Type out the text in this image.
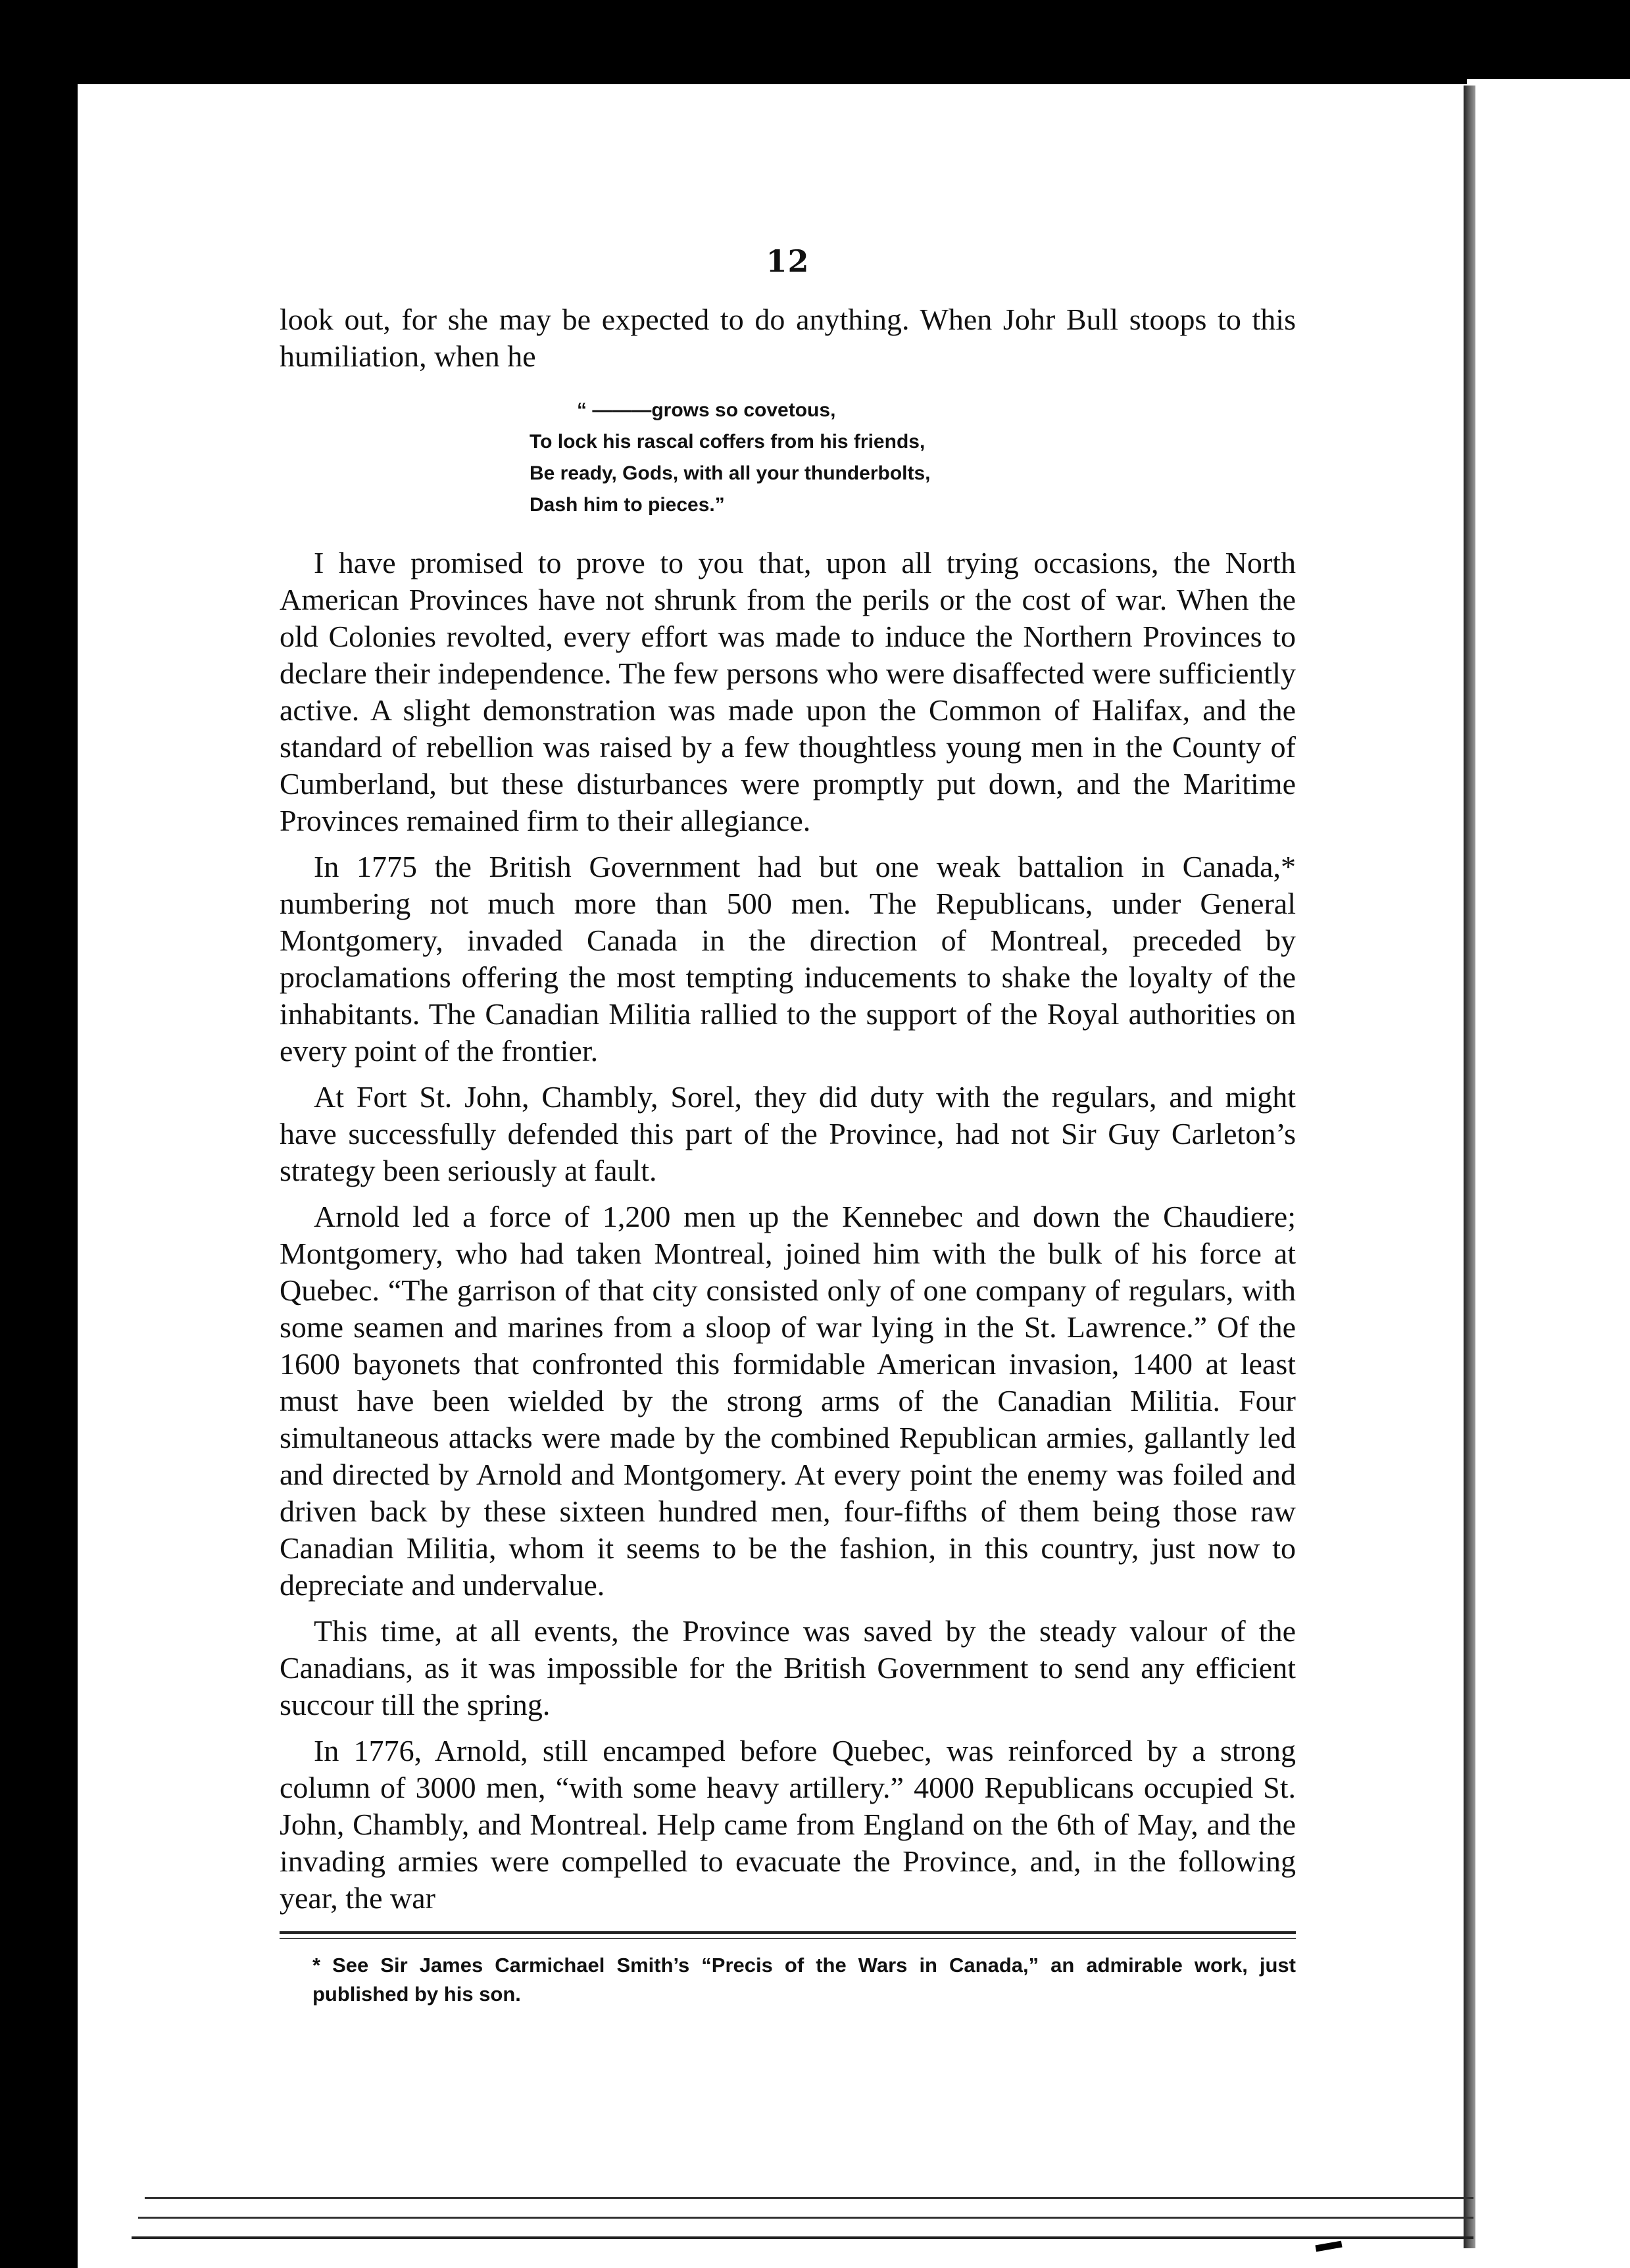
12

look out, for she may be expected to do anything. When Johr Bull stoops to this humiliation, when he

“ ———grows so covetous,
To lock his rascal coffers from his friends,
Be ready, Gods, with all your thunderbolts,
Dash him to pieces.”

I have promised to prove to you that, upon all trying occasions, the North American Provinces have not shrunk from the perils or the cost of war. When the old Colonies revolted, every effort was made to induce the Northern Provinces to declare their independence. The few persons who were disaffected were sufficiently active. A slight demonstration was made upon the Common of Halifax, and the standard of rebellion was raised by a few thoughtless young men in the County of Cumberland, but these disturbances were promptly put down, and the Maritime Provinces remained firm to their allegiance.

In 1775 the British Government had but one weak battalion in Canada,* numbering not much more than 500 men. The Republicans, under General Montgomery, invaded Canada in the direction of Montreal, preceded by proclamations offering the most tempting inducements to shake the loyalty of the inhabitants. The Canadian Militia rallied to the support of the Royal authorities on every point of the frontier.

At Fort St. John, Chambly, Sorel, they did duty with the regulars, and might have successfully defended this part of the Province, had not Sir Guy Carleton’s strategy been seriously at fault.

Arnold led a force of 1,200 men up the Kennebec and down the Chaudiere; Montgomery, who had taken Montreal, joined him with the bulk of his force at Quebec. “The garrison of that city consisted only of one company of regulars, with some seamen and marines from a sloop of war lying in the St. Lawrence.” Of the 1600 bayonets that confronted this formidable American invasion, 1400 at least must have been wielded by the strong arms of the Canadian Militia. Four simultaneous attacks were made by the combined Republican armies, gallantly led and directed by Arnold and Montgomery. At every point the enemy was foiled and driven back by these sixteen hundred men, four-fifths of them being those raw Canadian Militia, whom it seems to be the fashion, in this country, just now to depreciate and undervalue.

This time, at all events, the Province was saved by the steady valour of the Canadians, as it was impossible for the British Government to send any efficient succour till the spring.

In 1776, Arnold, still encamped before Quebec, was reinforced by a strong column of 3000 men, “with some heavy artillery.” 4000 Republicans occupied St. John, Chambly, and Montreal. Help came from England on the 6th of May, and the invading armies were compelled to evacuate the Province, and, in the following year, the war

* See Sir James Carmichael Smith’s “Precis of the Wars in Canada,” an admirable work, just published by his son.
